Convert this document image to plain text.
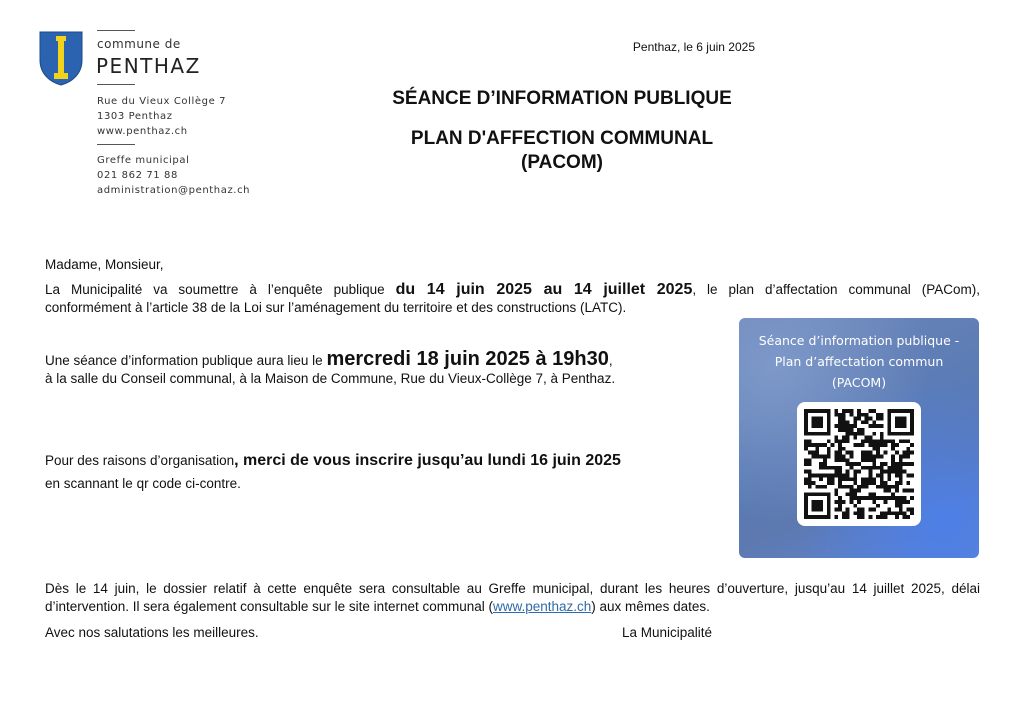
commune de
PENTHAZ
Rue du Vieux Collège 7
1303 Penthaz
www.penthaz.ch
Greffe municipal
021 862 71 88
administration@penthaz.ch
Penthaz, le 6 juin 2025
SÉANCE D’INFORMATION PUBLIQUE
PLAN D'AFFECTION COMMUNAL
(PACOM)
Madame, Monsieur,
La Municipalité va soumettre à l’enquête publique du 14 juin 2025 au 14 juillet 2025, le plan d’affectation communal (PACom),
conformément à l’article 38 de la Loi sur l’aménagement du territoire et des constructions (LATC).
Une séance d’information publique aura lieu le mercredi 18 juin 2025 à 19h30,
à la salle du Conseil communal, à la Maison de Commune, Rue du Vieux-Collège 7, à Penthaz.
Pour des raisons d’organisation, merci de vous inscrire jusqu’au lundi 16 juin 2025
en scannant le qr code ci-contre.
Dès le 14 juin, le dossier relatif à cette enquête sera consultable au Greffe municipal, durant les heures d’ouverture, jusqu’au 14 juillet 2025, délai
d’intervention. Il sera également consultable sur le site internet communal (www.penthaz.ch) aux mêmes dates.
Avec nos salutations les meilleures.	La Municipalité
Séance d’information publique -
Plan d’affectation commun
(PACOM)
